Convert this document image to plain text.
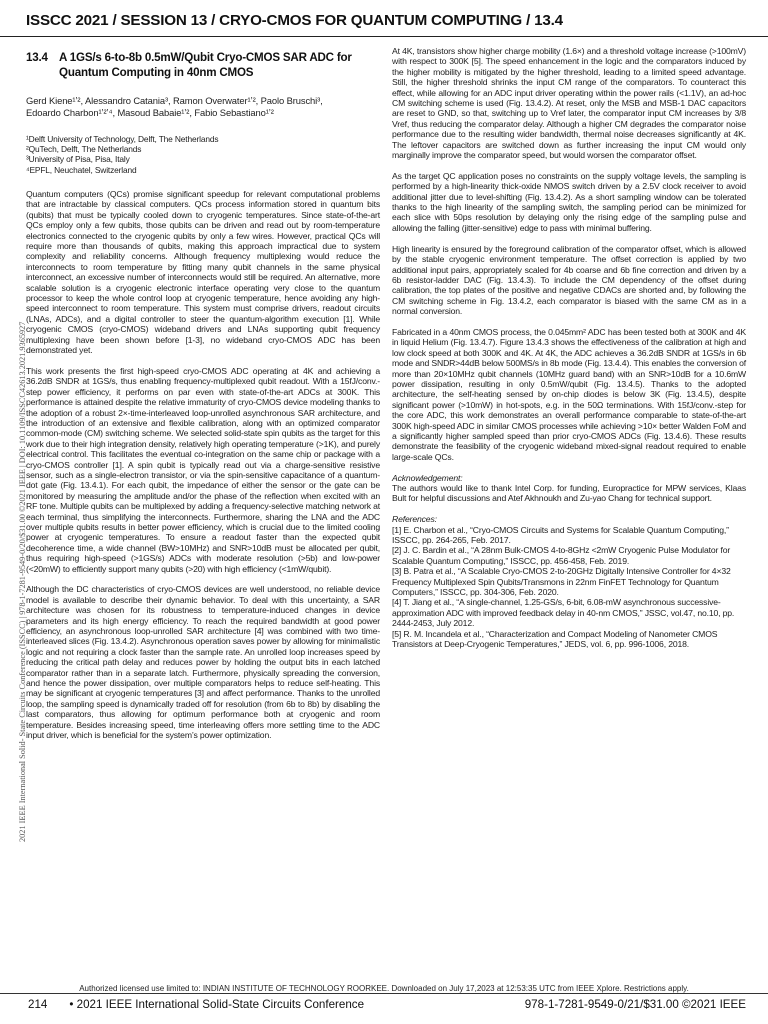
ISSCC 2021 / SESSION 13 / CRYO-CMOS FOR QUANTUM COMPUTING / 13.4
2021 IEEE International Solid- State Circuits Conference (ISSCC) | 978-1-7281-9549-0/20/$31.00 ©2021 IEEE | DOI: 10.1109/ISSCC42613.2021.9365927
13.4 A 1GS/s 6-to-8b 0.5mW/Qubit Cryo-CMOS SAR ADC for
Quantum Computing in 40nm CMOS
Gerd Kiene¹ʼ², Alessandro Catania³, Ramon Overwater¹ʼ², Paolo Bruschi³,
Edoardo Charbon¹ʼ²ʼ⁴, Masoud Babaie¹ʼ², Fabio Sebastiano¹ʼ²
¹Delft University of Technology, Delft, The Netherlands
²QuTech, Delft, The Netherlands
³University of Pisa, Pisa, Italy
⁴EPFL, Neuchatel, Switzerland

Quantum computers (QCs) promise significant speedup for relevant computational problems that are intractable by classical computers. QCs process information stored in quantum bits (qubits) that must be typically cooled down to cryogenic temperatures. Since state-of-the-art QCs employ only a few qubits, those qubits can be driven and read out by room-temperature electronics connected to the cryogenic qubits by only a few wires. However, practical QCs will require more than thousands of qubits, making this approach impractical due to system complexity and reliability concerns. Although frequency multiplexing would reduce the interconnects to room temperature by fitting many qubit channels in the same physical interconnect, an excessive number of interconnects would still be required. An alternative, more scalable solution is a cryogenic electronic interface operating very close to the quantum processor to keep the whole control loop at cryogenic temperature, hence avoiding any high-speed interconnect to room temperature. This system must comprise drivers, readout circuits (LNAs, ADCs), and a digital controller to steer the quantum-algorithm execution [1]. While cryogenic CMOS (cryo-CMOS) wideband drivers and LNAs supporting qubit frequency multiplexing have been shown before [1-3], no wideband cryo-CMOS ADC has been demonstrated yet.

This work presents the first high-speed cryo-CMOS ADC operating at 4K and achieving a 36.2dB SNDR at 1GS/s, thus enabling frequency-multiplexed qubit readout. With a 15fJ/conv.-step power efficiency, it performs on par even with state-of-the-art ADCs at 300K. This performance is attained despite the relative immaturity of cryo-CMOS device modeling thanks to the adoption of a robust 2×-time-interleaved loop-unrolled asynchronous SAR architecture, and the introduction of an extensive and flexible calibration, along with an optimized comparator common-mode (CM) switching scheme. We selected solid-state spin qubits as the target for this work due to their high integration density, relatively high operating temperature (>1K), and purely electrical control. This facilitates the eventual co-integration on the same chip or package with a cryo-CMOS controller [1]. A spin qubit is typically read out via a charge-sensitive resistive sensor, such as a single-electron transistor, or via the spin-sensitive capacitance of a quantum-dot gate (Fig. 13.4.1). For each qubit, the impedance of either the sensor or the gate can be monitored by measuring the amplitude and/or the phase of the reflection when excited with an RF tone. Multiple qubits can be multiplexed by adding a frequency-selective matching network at each terminal, thus simplifying the interconnects. Furthermore, sharing the LNA and the ADC over multiple qubits results in better power efficiency, which is crucial due to the limited cooling power at cryogenic temperatures. To ensure a readout faster than the expected qubit decoherence time, a wide channel (BW>10MHz) and SNR>10dB must be allocated per qubit, thus requiring high-speed (>1GS/s) ADCs with moderate resolution (>5b) and low-power (<20mW) to efficiently support many qubits (>20) with high efficiency (<1mW/qubit).

Although the DC characteristics of cryo-CMOS devices are well understood, no reliable device model is available to describe their dynamic behavior. To deal with this uncertainty, a SAR architecture was chosen for its robustness to temperature-induced changes in device parameters and its high energy efficiency. To reach the required bandwidth at good power efficiency, an asynchronous loop-unrolled SAR architecture [4] was combined with two time-interleaved slices (Fig. 13.4.2). Asynchronous operation saves power by allowing for minimalistic logic and not requiring a clock faster than the sample rate. An unrolled loop increases speed by reducing the critical path delay and reduces power by holding the output bits in each latched comparator rather than in a separate latch. Furthermore, physically spreading the conversion, and hence the power dissipation, over multiple comparators helps to reduce self-heating. This may be significant at cryogenic temperatures [3] and affect performance. Thanks to the unrolled loop, the sampling speed is dynamically traded off for resolution (from 6b to 8b) by disabling the last comparators, thus allowing for optimum performance both at cryogenic and room temperature. Besides increasing speed, time interleaving offers more settling time to the ADC input driver, which is beneficial for the system’s power optimization.

At 4K, transistors show higher charge mobility (1.6×) and a threshold voltage increase (>100mV) with respect to 300K [5]. The speed enhancement in the logic and the comparators induced by the higher mobility is mitigated by the higher threshold, leading to a limited speed advantage. Still, the higher threshold shrinks the input CM range of the comparators. To counteract this effect, while allowing for an ADC input driver operating within the power rails (<1.1V), an ad-hoc CM switching scheme is used (Fig. 13.4.2). At reset, only the MSB and MSB-1 DAC capacitors are reset to GND, so that, switching up to Vref later, the comparator input CM increases by 3/8 Vref, thus reducing the comparator delay. Although a higher CM degrades the comparator noise performance due to the resulting wider bandwidth, thermal noise decreases significantly at 4K. The leftover capacitors are switched down as further increasing the input CM would only marginally improve the comparator speed, but would worsen the comparator offset.

As the target QC application poses no constraints on the supply voltage levels, the sampling is performed by a high-linearity thick-oxide NMOS switch driven by a 2.5V clock receiver to avoid additional jitter due to level-shifting (Fig. 13.4.2). As a short sampling window can be tolerated thanks to the high linearity of the sampling switch, the sampling period can be minimized for each slice with 50ps resolution by delaying only the rising edge of the sampling pulse and allowing the falling (jitter-sensitive) edge to pass with minimal buffering.

High linearity is ensured by the foreground calibration of the comparator offset, which is allowed by the stable cryogenic environment temperature. The offset correction is applied by two additional input pairs, appropriately scaled for 4b coarse and 6b fine correction and driven by a 6b resistor-ladder DAC (Fig. 13.4.3). To include the CM dependency of the offset during calibration, the top plates of the positive and negative CDACs are shorted and, by following the CM switching scheme in Fig. 13.4.2, each comparator is biased with the same CM as in a normal conversion.

Fabricated in a 40nm CMOS process, the 0.045mm² ADC has been tested both at 300K and 4K in liquid Helium (Fig. 13.4.7). Figure 13.4.3 shows the effectiveness of the calibration at high and low clock speed at both 300K and 4K. At 4K, the ADC achieves a 36.2dB SNDR at 1GS/s in 6b mode and SNDR>44dB below 500MS/s in 8b mode (Fig. 13.4.4). This enables the conversion of more than 20×10MHz qubit channels (10MHz guard band) with an SNR>10dB for a 10.6mW power dissipation, resulting in only 0.5mW/qubit (Fig. 13.4.5). Thanks to the adopted architecture, the self-heating sensed by on-chip diodes is below 3K (Fig. 13.4.5), despite significant power (>10mW) in hot-spots, e.g. in the 50Ω terminations. With 15fJ/conv.-step for the core ADC, this work demonstrates an overall performance comparable to state-of-the-art 300K high-speed ADC in similar CMOS processes while achieving >10× better Walden FoM and a significantly higher sampled speed than prior cryo-CMOS ADCs (Fig. 13.4.6). These results demonstrate the feasibility of the cryogenic wideband mixed-signal readout required to enable large-scale QCs.

Acknowledgement:

The authors would like to thank Intel Corp. for funding, Europractice for MPW services, Klaas Bult for helpful discussions and Atef Akhnoukh and Zu-yao Chang for technical support.

References:
[1] E. Charbon et al., “Cryo-CMOS Circuits and Systems for Scalable Quantum Computing,” ISSCC, pp. 264-265, Feb. 2017.
[2] J. C. Bardin et al., “A 28nm Bulk-CMOS 4-to-8GHz <2mW Cryogenic Pulse Modulator for Scalable Quantum Computing,” ISSCC, pp. 456-458, Feb. 2019.
[3] B. Patra et al., “A Scalable Cryo-CMOS 2-to-20GHz Digitally Intensive Controller for 4×32 Frequency Multiplexed Spin Qubits/Transmons in 22nm FinFET Technology for Quantum Computers,” ISSCC, pp. 304-306, Feb. 2020.
[4] T. Jiang et al., “A single-channel, 1.25-GS/s, 6-bit, 6.08-mW asynchronous successive-approximation ADC with improved feedback delay in 40-nm CMOS,” JSSC, vol.47, no.10, pp. 2444-2453, July 2012.
[5] R. M. Incandela et al., “Characterization and Compact Modeling of Nanometer CMOS Transistors at Deep-Cryogenic Temperatures,” JEDS, vol. 6, pp. 996-1006, 2018.
Authorized licensed use limited to: INDIAN INSTITUTE OF TECHNOLOGY ROORKEE. Downloaded on July 17,2023 at 12:53:35 UTC from IEEE Xplore. Restrictions apply.
214 • 2021 IEEE International Solid-State Circuits Conference	978-1-7281-9549-0/21/$31.00 ©2021 IEEE
